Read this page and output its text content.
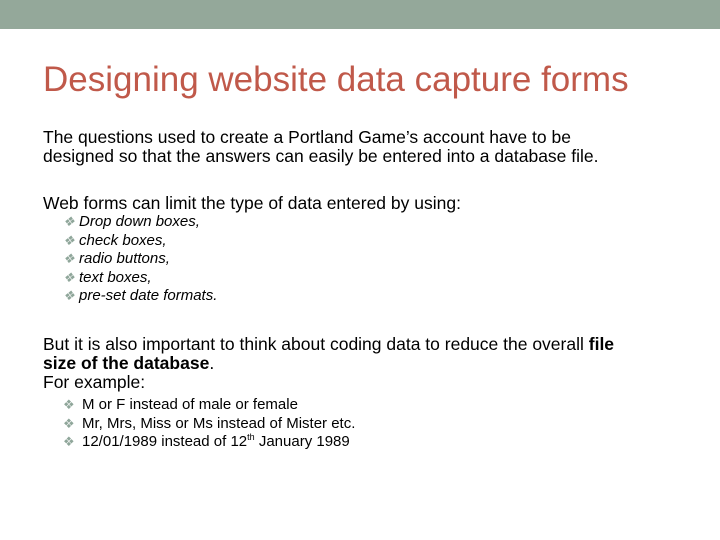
Designing website data capture forms
The questions used to create a Portland Game’s account have to be
designed so that the answers can easily be entered into a database file.
Web forms can limit the type of data entered by using:
❖ Drop down boxes,
❖ check boxes,
❖ radio buttons,
❖ text boxes,
❖ pre-set date formats.
But it is also important to think about coding data to reduce the overall file
size of the database.
For example:
❖ M or F instead of male or female
❖ Mr, Mrs, Miss or Ms instead of Mister etc.
❖ 12/01/1989 instead of 12th January 1989
